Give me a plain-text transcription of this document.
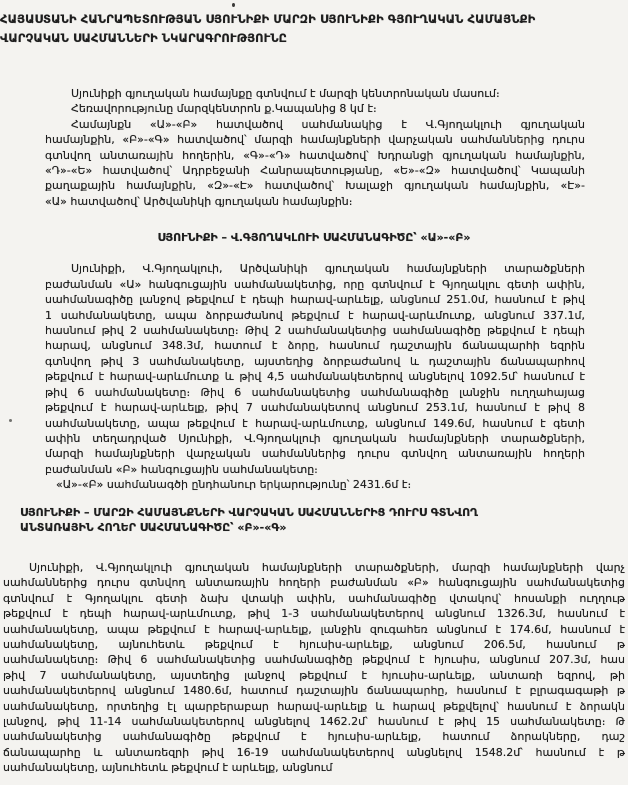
ՀԱՅԱՍՏԱՆԻ ՀԱՆՐԱՊԵՏՈՒԹՅԱՆ ՍՅՈՒՆԻՔԻ ՄԱՐԶԻ ՍՅՈՒՆԻՔԻ ԳՅՈՒՂԱԿԱՆ ՀԱՄԱՅՆՔԻ
ՎԱՐՉԱԿԱՆ ՍԱՀՄԱՆՆԵՐԻ ՆԿԱՐԱԳՐՈՒԹՅՈՒՆԸ
Սյունիքի գյուղական համայնքը գտնվում է մարզի կենտրոնական մասում։
Հեռավորությունը մարզկենտրոն ք.Կապանից 8 կմ է։
Համայնքն «Ա»-«Բ» հատվածով սահմանակից է Վ.Գյողակլուի գյուղական
համայնքին, «Բ»-«Գ» հատվածով՝ մարզի համայնքների վարչական սահմաններից դուրս
գտնվող անտառային հողերին, «Գ»-«Դ» հատվածով՝ Խդրանցի գյուղական համայնքին,
«Դ»-«Ե» հատվածով՝ Ադրբեջանի Հանրապետությանը, «Ե»-«Զ» հատվածով՝ Կապանի
քաղաքային համայնքին, «Զ»-«Է» հատվածով՝ Խալաջի գյուղական համայնքին, «Է»-
«Ա» հատվածով՝ Արծվանիկի գյուղական համայնքին։
ՍՅՈՒՆԻՔԻ – Վ.ԳՅՈՂԱԿԼՈՒԻ ՍԱՀՄԱՆԱԳԻԾԸ՝ «Ա»-«Բ»
Սյունիքի, Վ.Գյողակլուի, Արծվանիկի գյուղական համայնքների տարածքների
բաժանման «Ա» հանգուցային սահմանակետից, որը գտնվում է Գյողակլու գետի ափին,
սահմանագիծը լանջով թեքվում է դեպի հարավ-արևելք, անցնում 251.0մ, հասնում է թիվ
1 սահմանակետը, ապա ձորբաժանով թեքվում է հարավ-արևմուտք, անցնում 337.1մ,
հասնում թիվ 2 սահմանակետը։ Թիվ 2 սահմանակետից սահմանագիծը թեքվում է դեպի
հարավ, անցնում 348.3մ, հատում է ձորը, հասնում դաշտային ճանապարհի եզրին
գտնվող թիվ 3 սահմանակետը, այստեղից ձորբաժանով և դաշտային ճանապարհով
թեքվում է հարավ-արևմուտք և թիվ 4,5 սահմանակետերով անցնելով 1092.5մ՝ հասնում է
թիվ 6 սահմանակետը։ Թիվ 6 սահմանակետից սահմանագիծը լանջին ուղղահայաց
թեքվում է հարավ-արևելք, թիվ 7 սահմանակետով անցնում 253.1մ, հասնում է թիվ 8
սահմանակետը, ապա թեքվում է հարավ-արևմուտք, անցնում 149.6մ, հասնում է գետի
ափին տեղադրված Սյունիքի, Վ.Գյողակլուի գյուղական համայնքների տարածքների,
մարզի համայնքների վարչական սահմաններից դուրս գտնվող անտառային հողերի
բաժանման «Բ» հանգուցային սահմանակետը։
«Ա»-«Բ» սահմանագծի ընդհանուր երկարությունը՝ 2431.6մ է։
ՍՅՈՒՆԻՔԻ – ՄԱՐԶԻ ՀԱՄԱՅՆՔՆԵՐԻ ՎԱՐՉԱԿԱՆ ՍԱՀՄԱՆՆԵՐԻՑ ԴՈՒՐՍ ԳՏՆՎՈՂ
ԱՆՏԱՌԱՅԻՆ ՀՈՂԵՐ ՍԱՀՄԱՆԱԳԻԾԸ՝ «Բ»-«Գ»
Սյունիքի, Վ.Գյողակլուի գյուղական համայնքների տարածքների, մարզի համայնքների վարչ
սահմաններից դուրս գտնվող անտառային հողերի բաժանման «Բ» հանգուցային սահմանակետից
գտնվում է Գյողակլու գետի ձախ վտակի ափին, սահմանագիծը վտակով՝ հոսանքի ուղղութ
թեքվում է դեպի հարավ-արևմուտք, թիվ 1-3 սահմանակետերով անցնում 1326.3մ, հասնում է
սահմանակետը, ապա թեքվում է հարավ-արևելք, լանջին զուգահեռ անցնում է 174.6մ, հասնում է
սահմանակետը, այնուհետև թեքվում է հյուսիս-արևելք, անցնում 206.5մ, հասնում թ
սահմանակետը։ Թիվ 6 սահմանակետից սահմանագիծը թեքվում է հյուսիս, անցնում 207.3մ, հաս
թիվ 7 սահմանակետը, այստեղից լանջով թեքվում է հյուսիս-արևելք, անտառի եզրով, թի
սահմանակետերով անցնում 1480.6մ, հատում դաշտային ճանապարհը, հասնում է բլրագագաթի թ
սահմանակետը, որտեղից էլ պարբերաբար հարավ-արևելք և հարավ թեքվելով՝ հասնում է ձորակն
լանջով, թիվ 11-14 սահմանակետերով անցնելով 1462.2մ՝ հասնում է թիվ 15 սահմանակետը։ Թ
սահմանակետից սահմանագիծը թեքվում է հյուսիս-արևելք, հատում ձորակները, դաշ
ճանապարհը և անտառեզրի թիվ 16-19 սահմանակետերով անցնելով 1548.2մ՝ հասնում է թ
սահմանակետը, այնուհետև թեքվում է արևելք, անցնում
